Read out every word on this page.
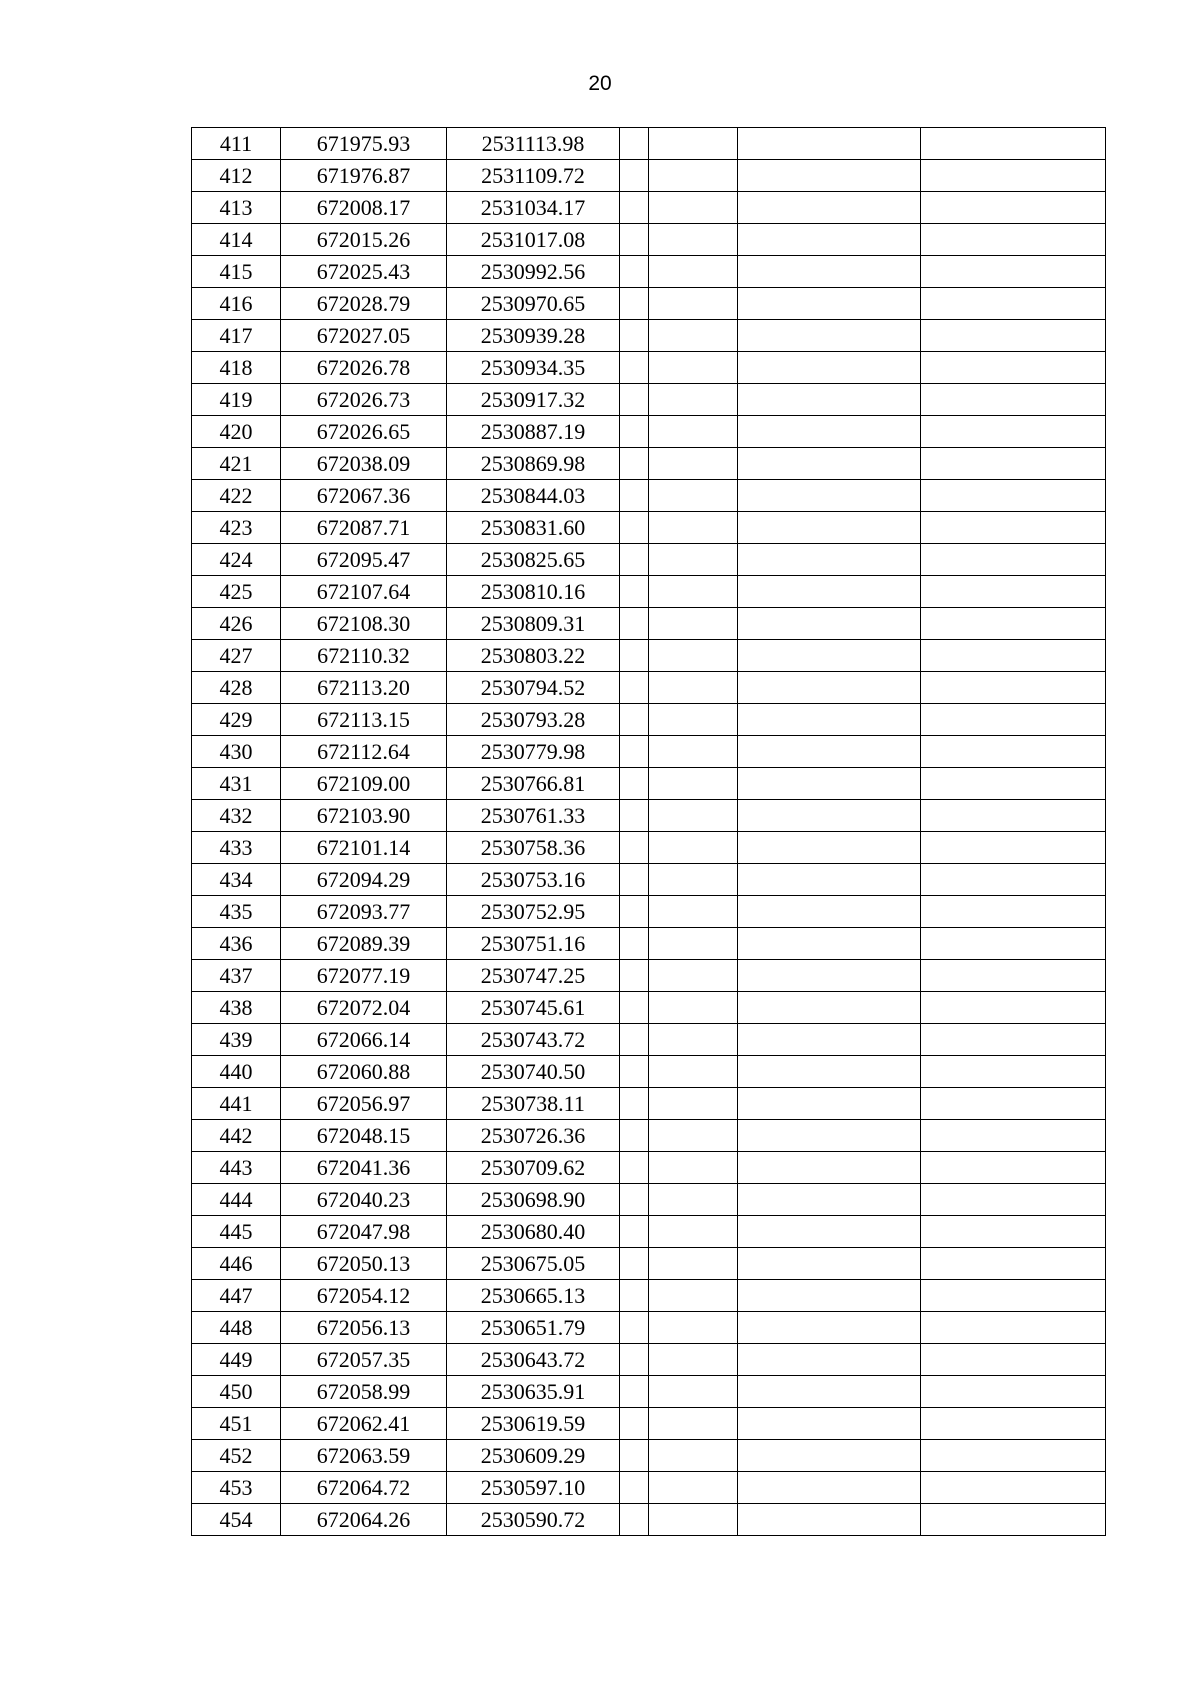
20
411	671975.93	2531113.98				
412	671976.87	2531109.72				
413	672008.17	2531034.17				
414	672015.26	2531017.08				
415	672025.43	2530992.56				
416	672028.79	2530970.65				
417	672027.05	2530939.28				
418	672026.78	2530934.35				
419	672026.73	2530917.32				
420	672026.65	2530887.19				
421	672038.09	2530869.98				
422	672067.36	2530844.03				
423	672087.71	2530831.60				
424	672095.47	2530825.65				
425	672107.64	2530810.16				
426	672108.30	2530809.31				
427	672110.32	2530803.22				
428	672113.20	2530794.52				
429	672113.15	2530793.28				
430	672112.64	2530779.98				
431	672109.00	2530766.81				
432	672103.90	2530761.33				
433	672101.14	2530758.36				
434	672094.29	2530753.16				
435	672093.77	2530752.95				
436	672089.39	2530751.16				
437	672077.19	2530747.25				
438	672072.04	2530745.61				
439	672066.14	2530743.72				
440	672060.88	2530740.50				
441	672056.97	2530738.11				
442	672048.15	2530726.36				
443	672041.36	2530709.62				
444	672040.23	2530698.90				
445	672047.98	2530680.40				
446	672050.13	2530675.05				
447	672054.12	2530665.13				
448	672056.13	2530651.79				
449	672057.35	2530643.72				
450	672058.99	2530635.91				
451	672062.41	2530619.59				
452	672063.59	2530609.29				
453	672064.72	2530597.10				
454	672064.26	2530590.72				
